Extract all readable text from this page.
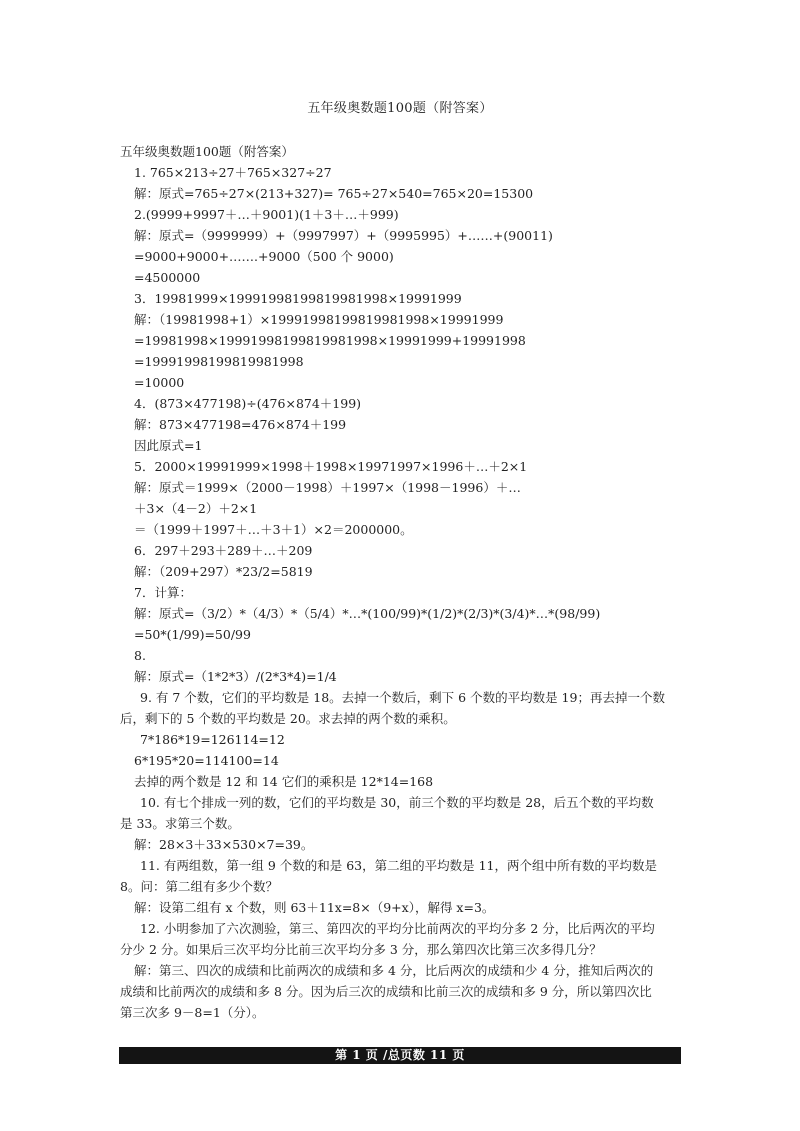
五年级奥数题100题（附答案）
五年级奥数题100题（附答案）
1. 765×213÷27＋765×327÷27
解：原式=765÷27×(213+327)= 765÷27×540=765×20=15300
2.(9999+9997＋…＋9001)(1＋3＋…＋999)
解：原式=（9999999）+（9997997）+（9995995）+……+(90011)
=9000+9000+…….+9000（500 个 9000)
=4500000
3．19981999×19991998199819981998×19991999
解：（19981998+1）×19991998199819981998×19991999
=19981998×19991998199819981998×19991999+19991998
=19991998199819981998
=10000
4．(873×477198)÷(476×874＋199)
解：873×477198=476×874＋199
因此原式=1
5．2000×19991999×1998＋1998×19971997×1996＋…＋2×1
解：原式＝1999×（2000－1998）＋1997×（1998－1996）＋…
＋3×（4－2）＋2×1
＝（1999＋1997＋…＋3＋1）×2＝2000000。
6．297＋293＋289＋…＋209
解：（209+297）*23/2=5819
7．计算：
解：原式=（3/2）*（4/3）*（5/4）*…*(100/99)*(1/2)*(2/3)*(3/4)*…*(98/99)
=50*(1/99)=50/99
8.
解：原式=（1*2*3）/(2*3*4)=1/4
9. 有 7 个数，它们的平均数是 18。去掉一个数后，剩下 6 个数的平均数是 19；再去掉一个数
后，剩下的 5 个数的平均数是 20。求去掉的两个数的乘积。
7*186*19=126114=12
6*195*20=114100=14
去掉的两个数是 12 和 14 它们的乘积是 12*14=168
10. 有七个排成一列的数，它们的平均数是 30，前三个数的平均数是 28，后五个数的平均数
是 33。求第三个数。
解：28×3＋33×530×7=39。
11. 有两组数，第一组 9 个数的和是 63，第二组的平均数是 11，两个组中所有数的平均数是
8。问：第二组有多少个数？
解：设第二组有 x 个数，则 63＋11x=8×（9+x），解得 x=3。
12. 小明参加了六次测验，第三、第四次的平均分比前两次的平均分多 2 分，比后两次的平均
分少 2 分。如果后三次平均分比前三次平均分多 3 分，那么第四次比第三次多得几分？
解：第三、四次的成绩和比前两次的成绩和多 4 分，比后两次的成绩和少 4 分，推知后两次的
成绩和比前两次的成绩和多 8 分。因为后三次的成绩和比前三次的成绩和多 9 分，所以第四次比
第三次多 9－8=1（分）。
第 1 页 /总页数 11 页
